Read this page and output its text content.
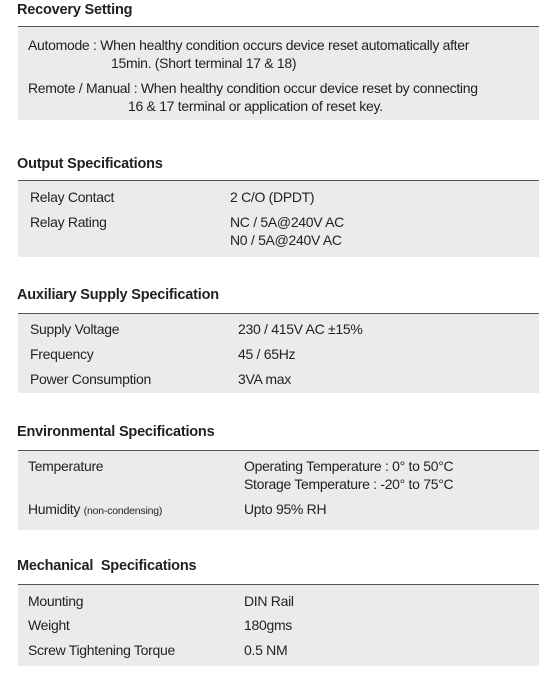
Recovery Setting
Automode : When healthy condition occurs device reset automatically after
15min. (Short terminal 17 & 18)
Remote / Manual : When healthy condition occur device reset by connecting
16 & 17 terminal or application of reset key.
Output Specifications
Relay Contact	2 C/O (DPDT)
Relay Rating	NC / 5A@240V AC
N0 / 5A@240V AC
Auxiliary Supply Specification
Supply Voltage	230 / 415V AC ±15%
Frequency	45 / 65Hz
Power Consumption	3VA max
Environmental Specifications
Temperature	Operating Temperature : 0° to 50°C
Storage Temperature : -20° to 75°C
Humidity (non-condensing)	Upto 95% RH
Mechanical  Specifications
Mounting	DIN Rail
Weight	180gms
Screw Tightening Torque	0.5 NM
